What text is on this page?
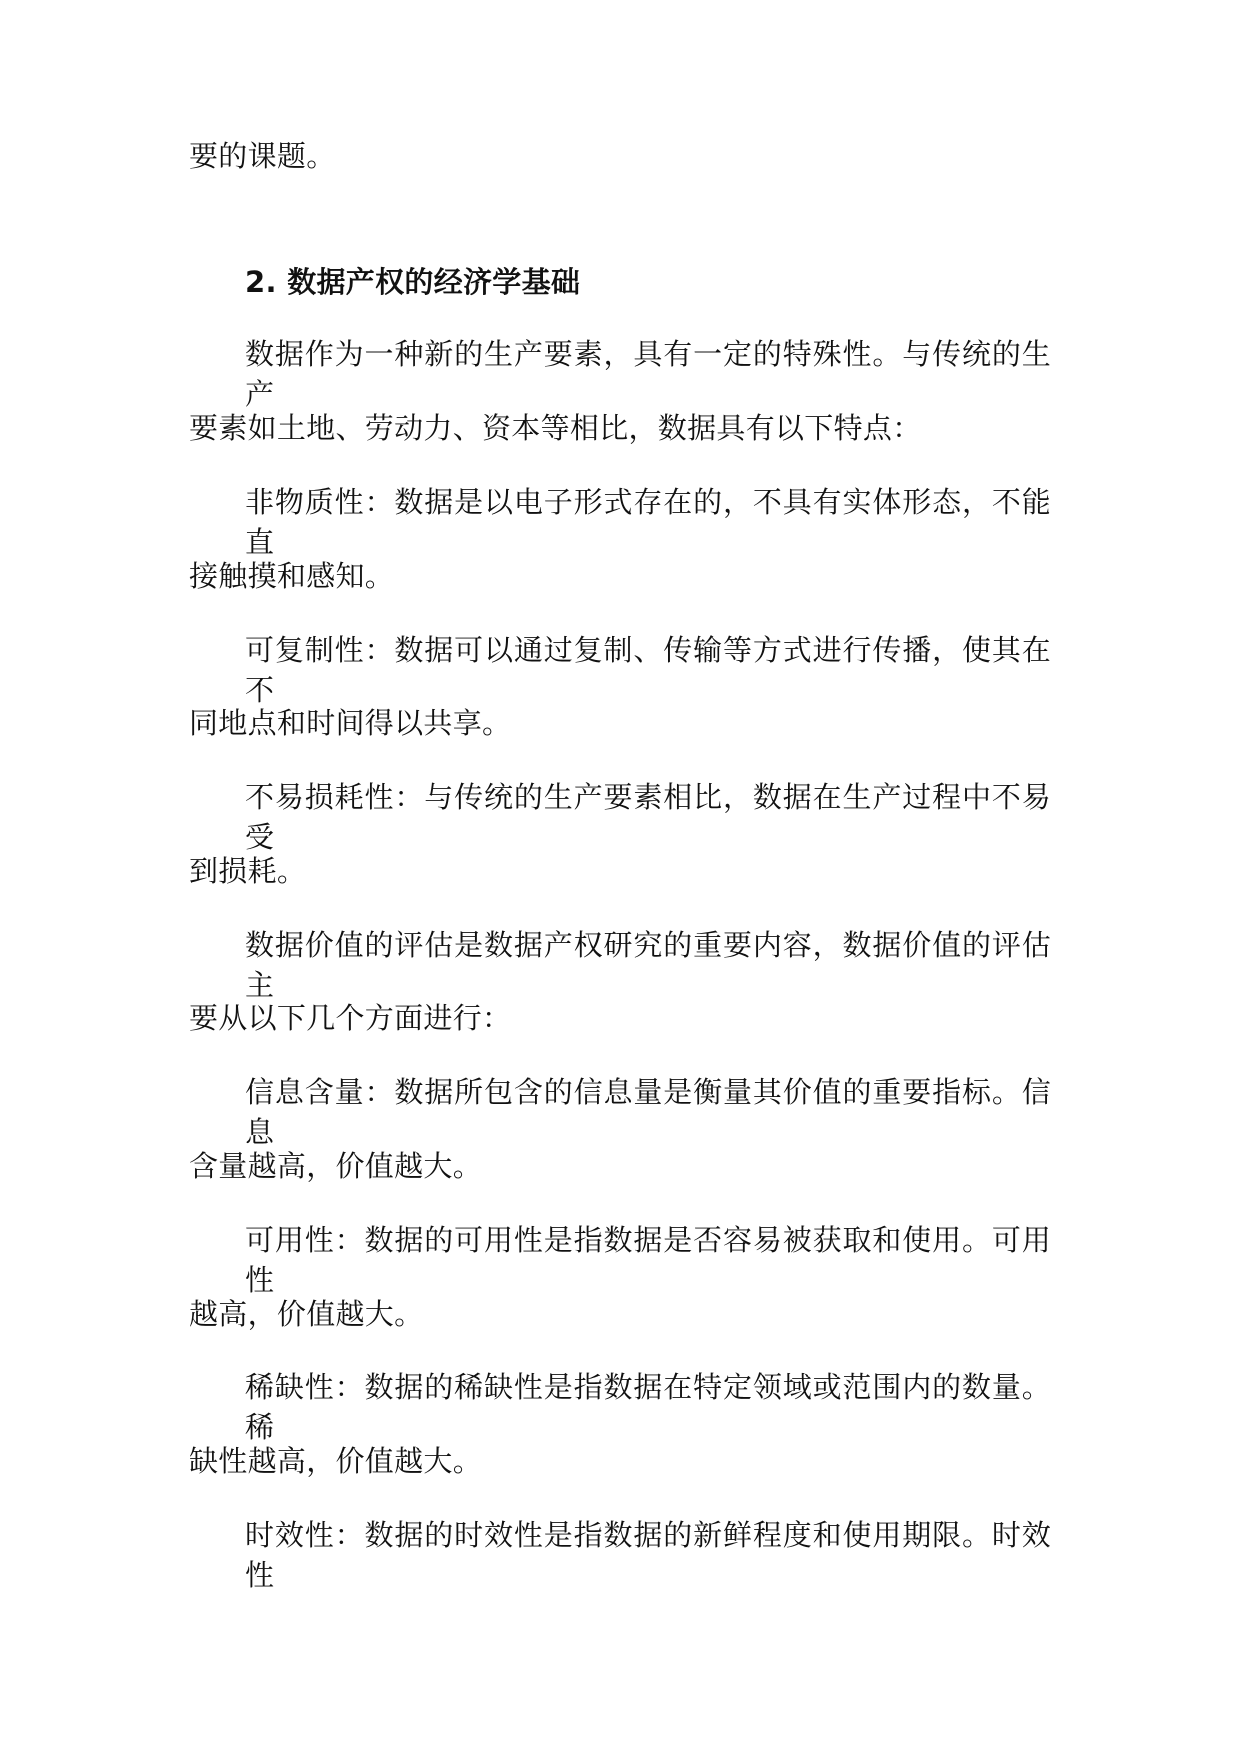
要的课题。
2. 数据产权的经济学基础
数据作为一种新的生产要素，具有一定的特殊性。与传统的生产
要素如土地、劳动力、资本等相比，数据具有以下特点：
非物质性：数据是以电子形式存在的，不具有实体形态，不能直
接触摸和感知。
可复制性：数据可以通过复制、传输等方式进行传播，使其在不
同地点和时间得以共享。
不易损耗性：与传统的生产要素相比，数据在生产过程中不易受
到损耗。
数据价值的评估是数据产权研究的重要内容，数据价值的评估主
要从以下几个方面进行：
信息含量：数据所包含的信息量是衡量其价值的重要指标。信息
含量越高，价值越大。
可用性：数据的可用性是指数据是否容易被获取和使用。可用性
越高，价值越大。
稀缺性：数据的稀缺性是指数据在特定领域或范围内的数量。稀
缺性越高，价值越大。
时效性：数据的时效性是指数据的新鲜程度和使用期限。时效性
